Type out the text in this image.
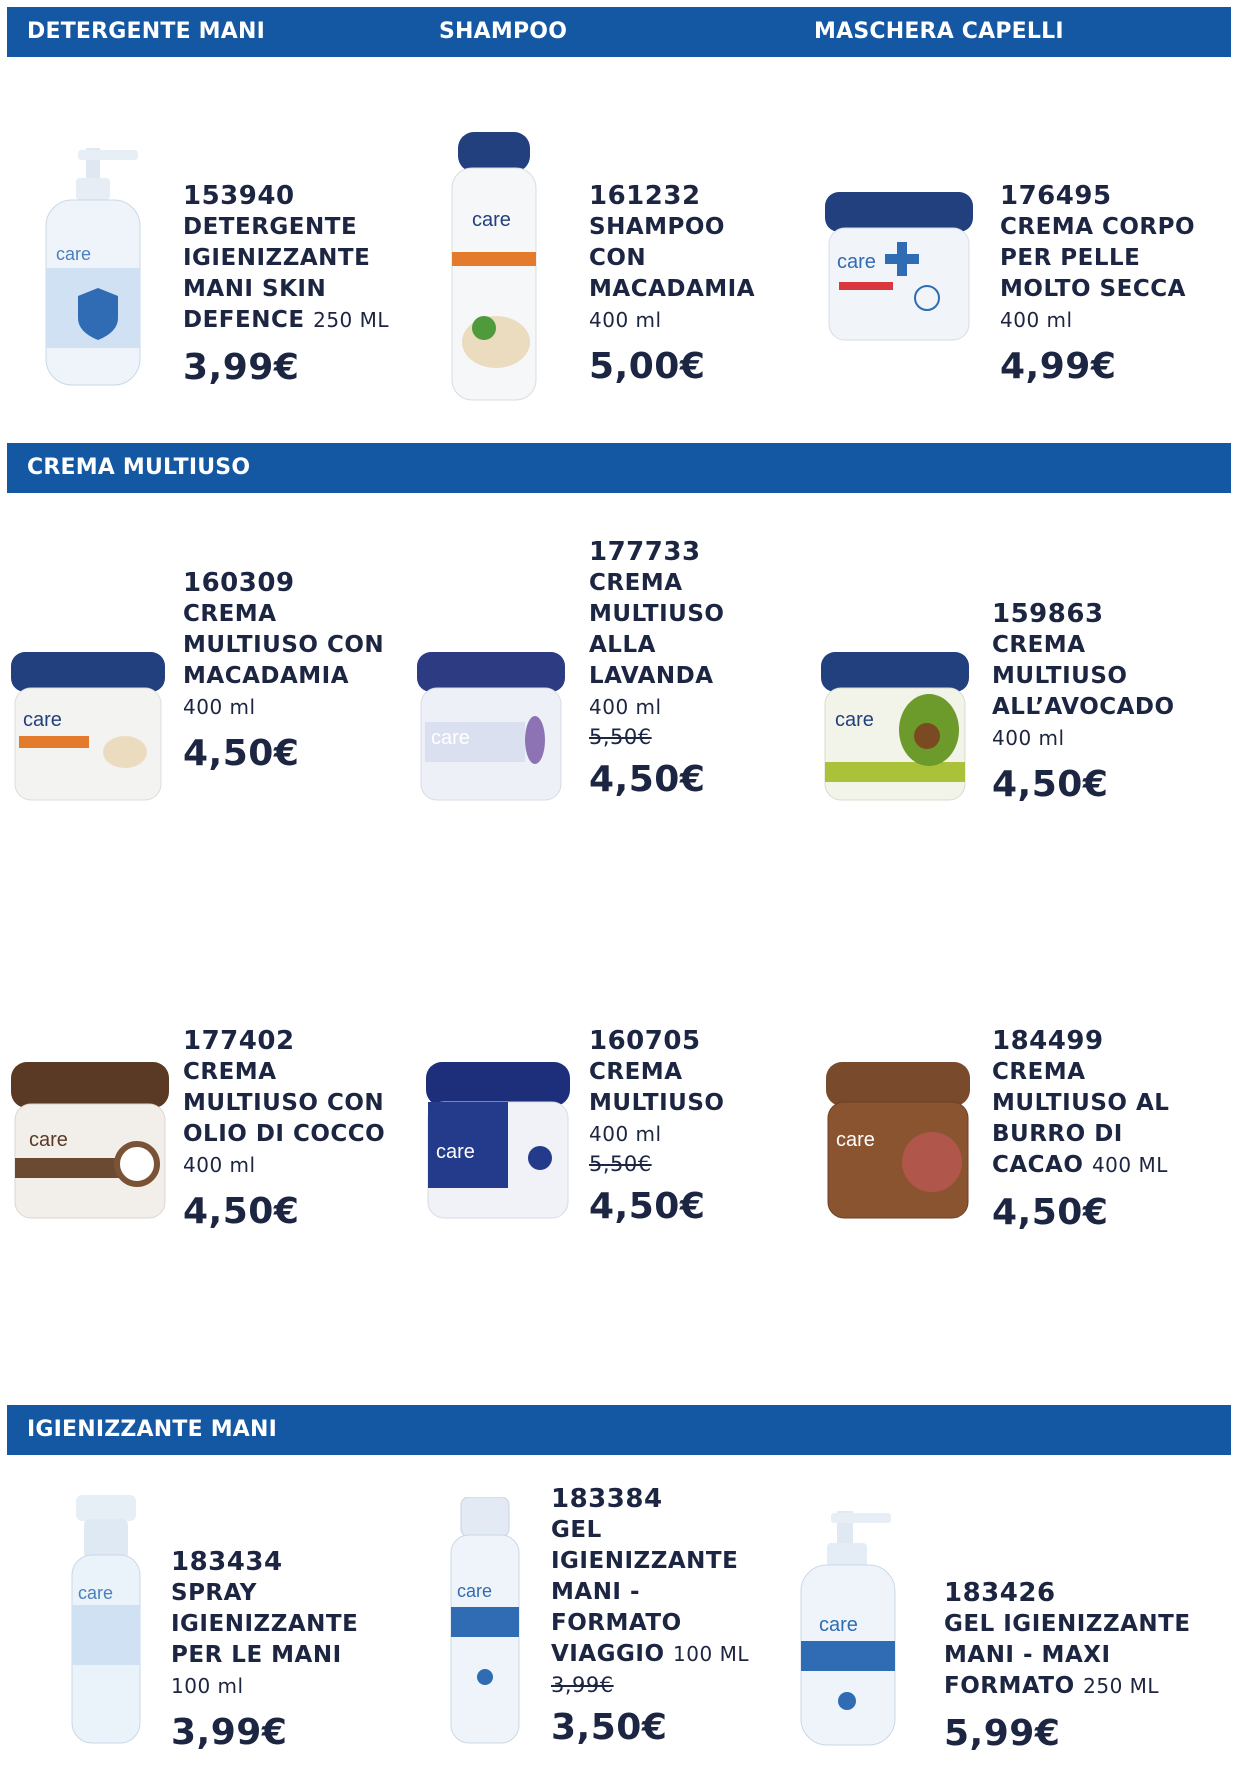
DETERGENTE MANI	SHAMPOO	MASCHERA CAPELLI
CREMA MULTIUSO
IGIENIZZANTE MANI
care
care
care
153940
DETERGENTE IGIENIZZANTE MANI SKIN DEFENCE 250 ML
3,99€
161232
SHAMPOO CON MACADAMIA
400 ml
5,00€
176495
CREMA CORPO PER PELLE MOLTO SECCA
400 ml
4,99€
care
care
care
160309
CREMA MULTIUSO CON MACADAMIA
400 ml
4,50€
177733
CREMA MULTIUSO ALLA LAVANDA
400 ml
5,50€
4,50€
159863
CREMA MULTIUSO ALL’AVOCADO
400 ml
4,50€
care
care
care
177402
CREMA MULTIUSO CON OLIO DI COCCO
400 ml
4,50€
160705
CREMA MULTIUSO
400 ml
5,50€
4,50€
184499
CREMA MULTIUSO AL BURRO DI CACAO 400 ML
4,50€
care	care
care
183434
SPRAY IGIENIZZANTE PER LE MANI
100 ml
3,99€
183384
GEL IGIENIZZANTE MANI - FORMATO VIAGGIO 100 ML
3,99€
3,50€
183426
GEL IGIENIZZANTE MANI - MAXI FORMATO 250 ML
5,99€
